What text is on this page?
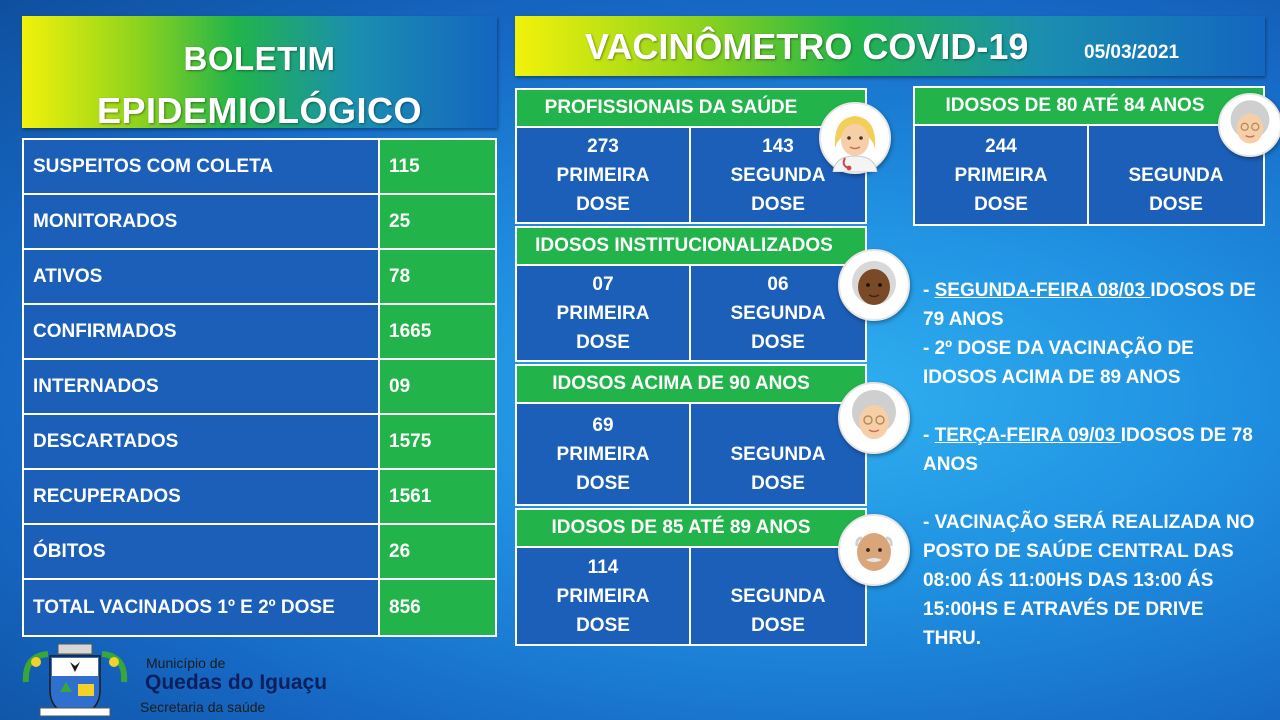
BOLETIM
EPIDEMIOLÓGICO
VACINÔMETRO COVID-19	05/03/2021
SUSPEITOS COM COLETA	115
MONITORADOS	25
ATIVOS	78
CONFIRMADOS	1665
INTERNADOS	09
DESCARTADOS	1575
RECUPERADOS	1561
ÓBITOS	26
TOTAL VACINADOS 1º E 2º DOSE	856
PROFISSIONAIS DA SAÚDE
273
PRIMEIRA
DOSE
143
SEGUNDA
DOSE
IDOSOS INSTITUCIONALIZADOS
07
PRIMEIRA
DOSE
06
SEGUNDA
DOSE
IDOSOS ACIMA DE 90 ANOS
69
PRIMEIRA
DOSE
SEGUNDA
DOSE
IDOSOS DE 85 ATÉ 89 ANOS
114
PRIMEIRA
DOSE
SEGUNDA
DOSE
IDOSOS DE 80 ATÉ 84 ANOS
244
PRIMEIRA
DOSE
SEGUNDA
DOSE

- SEGUNDA-FEIRA 08/03 IDOSOS DE 79 ANOS

- 2º DOSE DA VACINAÇÃO DE IDOSOS ACIMA DE 89 ANOS

- TERÇA-FEIRA 09/03 IDOSOS DE 78 ANOS

- VACINAÇÃO SERÁ REALIZADA NO POSTO DE SAÚDE CENTRAL DAS 08:00 ÁS 11:00HS DAS 13:00 ÁS 15:00HS E ATRAVÉS DE DRIVE THRU.

Município de
Quedas do Iguaçu
Secretaria da saúde
